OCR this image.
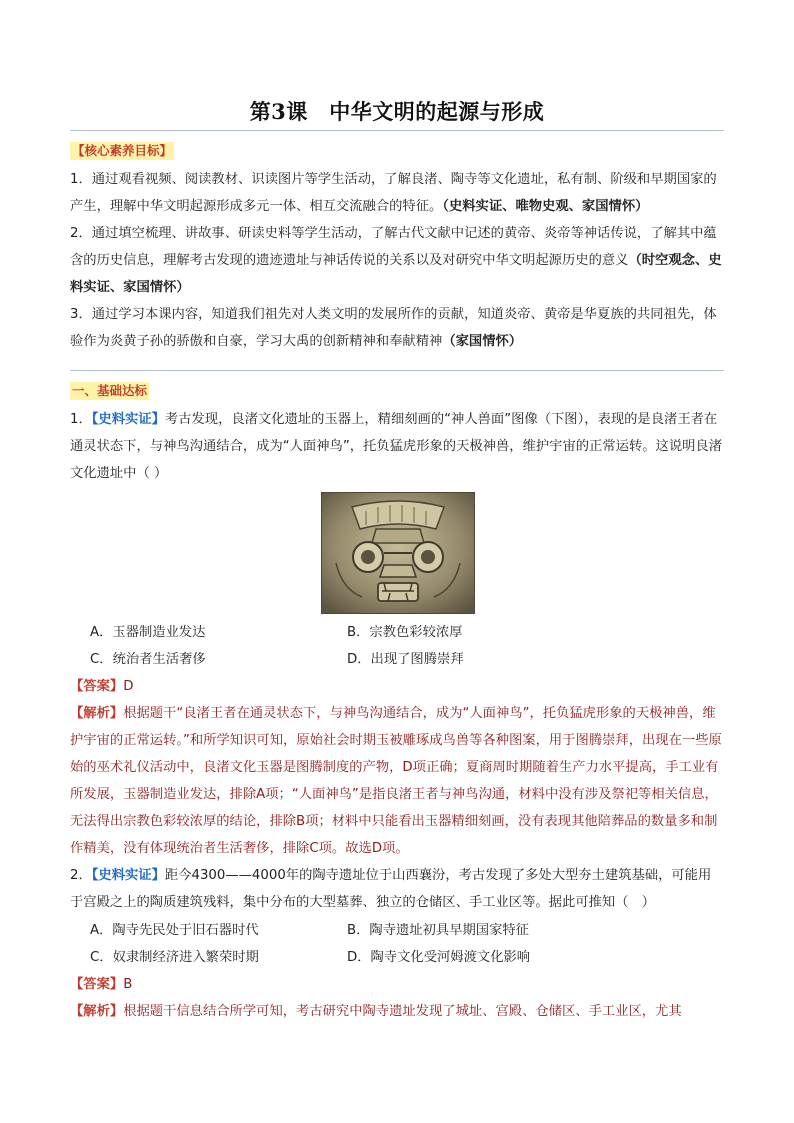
第3课　中华文明的起源与形成
【核心素养目标】
1．通过观看视频、阅读教材、识读图片等学生活动，了解良渚、陶寺等文化遗址，私有制、阶级和早期国家的产生，理解中华文明起源形成多元一体、相互交流融合的特征。（史料实证、唯物史观、家国情怀）
2．通过填空梳理、讲故事、研读史料等学生活动，了解古代文献中记述的黄帝、炎帝等神话传说，了解其中蕴含的历史信息，理解考古发现的遗迹遗址与神话传说的关系以及对研究中华文明起源历史的意义（时空观念、史料实证、家国情怀）
3．通过学习本课内容，知道我们祖先对人类文明的发展所作的贡献，知道炎帝、黄帝是华夏族的共同祖先，体验作为炎黄子孙的骄傲和自豪，学习大禹的创新精神和奉献精神（家国情怀）
一、基础达标
1．【史料实证】考古发现，良渚文化遗址的玉器上，精细刻画的“神人兽面”图像（下图），表现的是良渚王者在通灵状态下，与神鸟沟通结合，成为“人面神鸟”，托负猛虎形象的天极神兽，维护宇宙的正常运转。这说明良渚文化遗址中（ ）
A．玉器制造业发达	B．宗教色彩较浓厚
C．统治者生活奢侈	D．出现了图腾崇拜
【答案】D
【解析】根据题干“良渚王者在通灵状态下，与神鸟沟通结合，成为“人面神鸟”，托负猛虎形象的天极神兽，维护宇宙的正常运转。”和所学知识可知，原始社会时期玉被雕琢成鸟兽等各种图案，用于图腾崇拜，出现在一些原始的巫术礼仪活动中，良渚文化玉器是图腾制度的产物，D项正确；夏商周时期随着生产力水平提高，手工业有所发展，玉器制造业发达，排除A项；“人面神鸟”是指良渚王者与神鸟沟通，材料中没有涉及祭祀等相关信息，无法得出宗教色彩较浓厚的结论，排除B项；材料中只能看出玉器精细刻画，没有表现其他陪葬品的数量多和制作精美，没有体现统治者生活奢侈，排除C项。故选D项。
2．【史料实证】距今4300——4000年的陶寺遗址位于山西襄汾，考古发现了多处大型夯土建筑基础，可能用于宫殿之上的陶质建筑残料，集中分布的大型墓葬、独立的仓储区、手工业区等。据此可推知（　）
A．陶寺先民处于旧石器时代	B．陶寺遗址初具早期国家特征
C．奴隶制经济进入繁荣时期	D．陶寺文化受河姆渡文化影响
【答案】B
【解析】根据题干信息结合所学可知，考古研究中陶寺遗址发现了城址、宫殿、仓储区、手工业区，尤其
